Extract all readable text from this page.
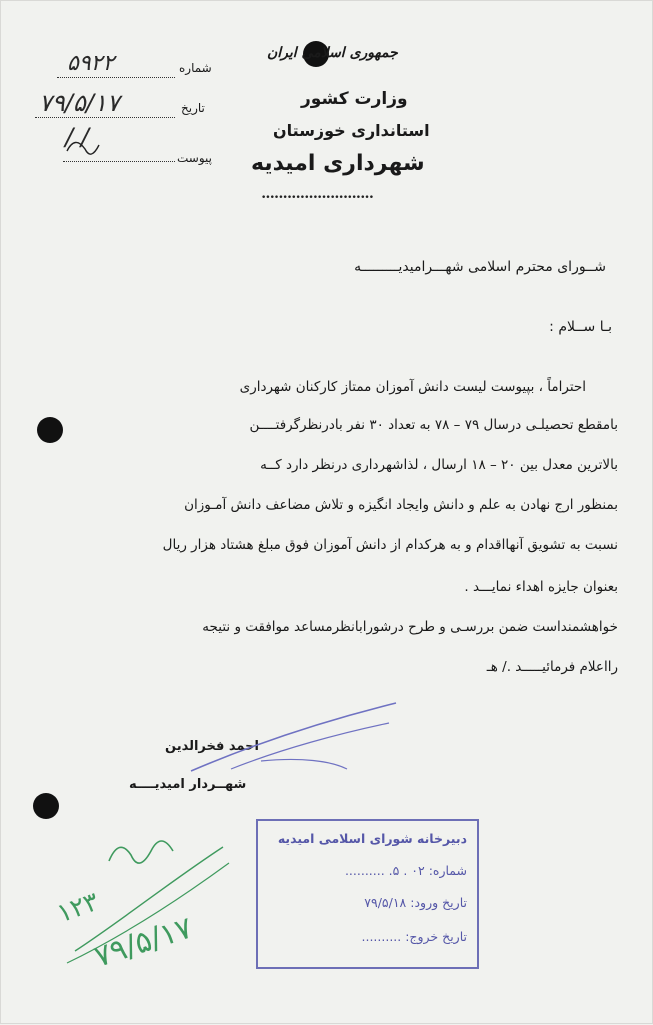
شماره
۵۹۲۲
تاریخ
۷۹/۵/۱۷
/ /
پیوست
جمهوری اسلامی ایران
وزارت کشور
استانداری خوزستان
شهرداری امیدیه
••••••••••••••••••••••••••
شــورای محترم اسلامی شهـــرامیدیـــــــــه
بـا ســلام :
احتراماً ، بپیوست لیست دانش آموزان ممتاز کارکنان شهرداری
بامقطع تحصیلـی درسال ۷۹ – ۷۸ به تعداد ۳۰ نفر بادرنظرگرفتــــن
بالاترین معدل بین ۲۰ – ۱۸ ارسال ، لذاشهرداری درنظر دارد کــه
بمنظور ارج نهادن به علم و دانش وایجاد انگیزه و تلاش مضاعف دانش آمـوزان
نسبت به تشویق آنهااقدام و به هرکدام از دانش آموزان فوق مبلغ هشتاد هزار ریال
بعنوان جایزه اهداء نمایـــد .
خواهشمنداست ضمن بررسـی و طرح درشورابانظرمساعد موافقت و نتیجه
رااعلام فرمائیـــــد ./ هـ
احمد فخرالدین
شهــردار امیدیــــه
دبیرخانه شورای اسلامی امیدیه
شماره: ۰۲ . ۵. ..........
تاریخ ورود: ۷۹/۵/۱۸
تاریخ خروج: ..........
۱۲۳
۷۹/۵/۱۷
